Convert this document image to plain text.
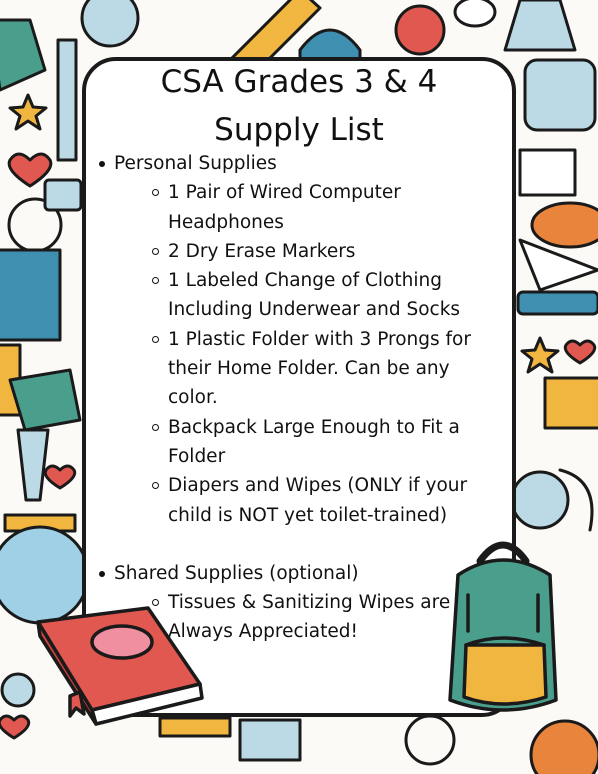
CSA Grades 3 & 4
Supply List
Personal Supplies
1 Pair of Wired Computer Headphones
2 Dry Erase Markers
1 Labeled Change of Clothing Including Underwear and Socks
1 Plastic Folder with 3 Prongs for their Home Folder. Can be any color.
Backpack Large Enough to Fit a Folder
Diapers and Wipes (ONLY if your child is NOT yet toilet-trained)
Shared Supplies (optional)
Tissues & Sanitizing Wipes are Always Appreciated!
